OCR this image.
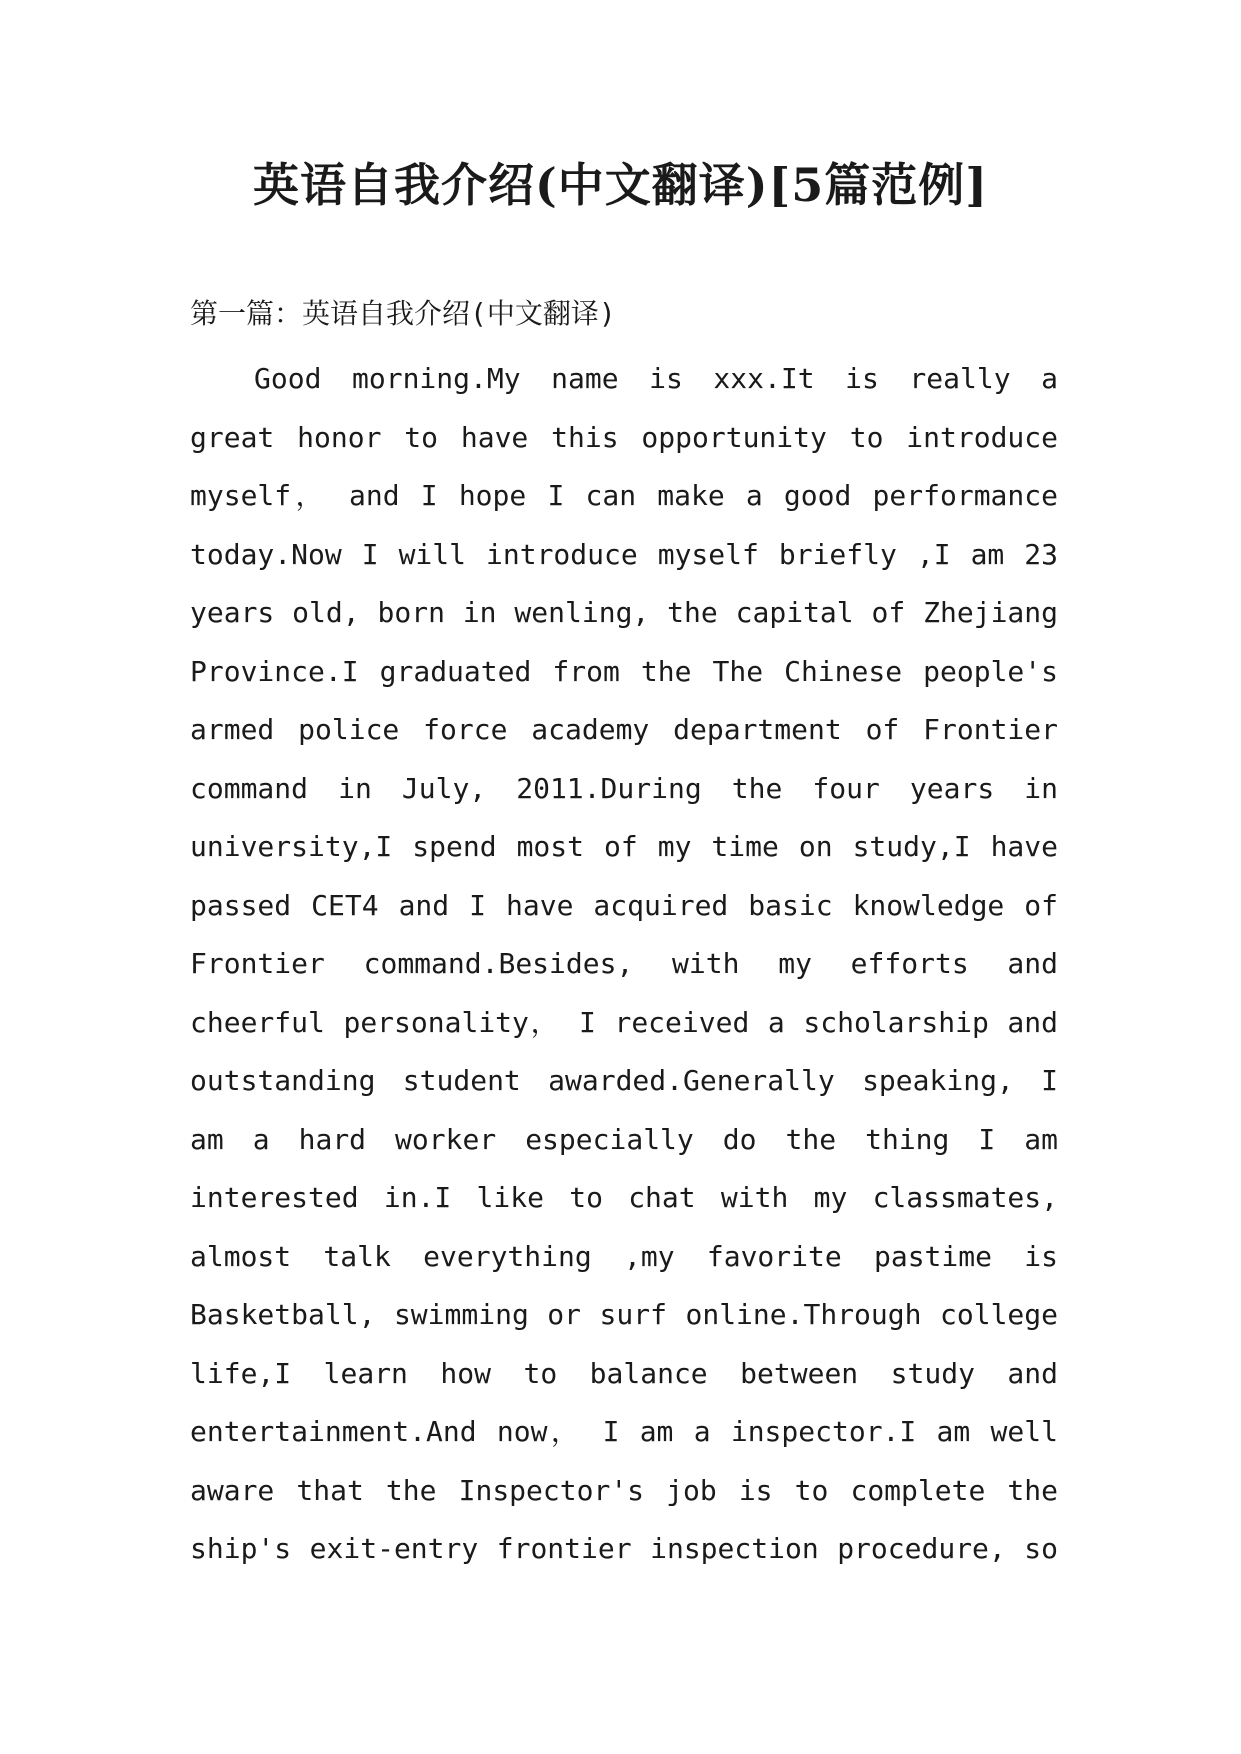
英语自我介绍(中文翻译)[5篇范例]

第一篇：英语自我介绍(中文翻译)

Good morning.My name is xxx.It is really a
great honor to have this opportunity to introduce
myself， and I hope I can make a good performance
today.Now I will introduce myself briefly ,I am 23
years old, born in wenling, the capital of Zhejiang
Province.I graduated from the The Chinese people's
armed police force academy department of Frontier
command in July, 2011.During the four years in
university,I spend most of my time on study,I have
passed CET4 and I have acquired basic knowledge of
Frontier command.Besides, with my efforts and
cheerful personality， I received a scholarship and
outstanding student awarded.Generally speaking, I
am a hard worker especially do the thing I am
interested in.I like to chat with my classmates,
almost talk everything ,my favorite pastime is
Basketball, swimming or surf online.Through college
life,I learn how to balance between study and
entertainment.And now， I am a inspector.I am well
aware that the Inspector's job is to complete the
ship's exit-entry frontier inspection procedure, so
